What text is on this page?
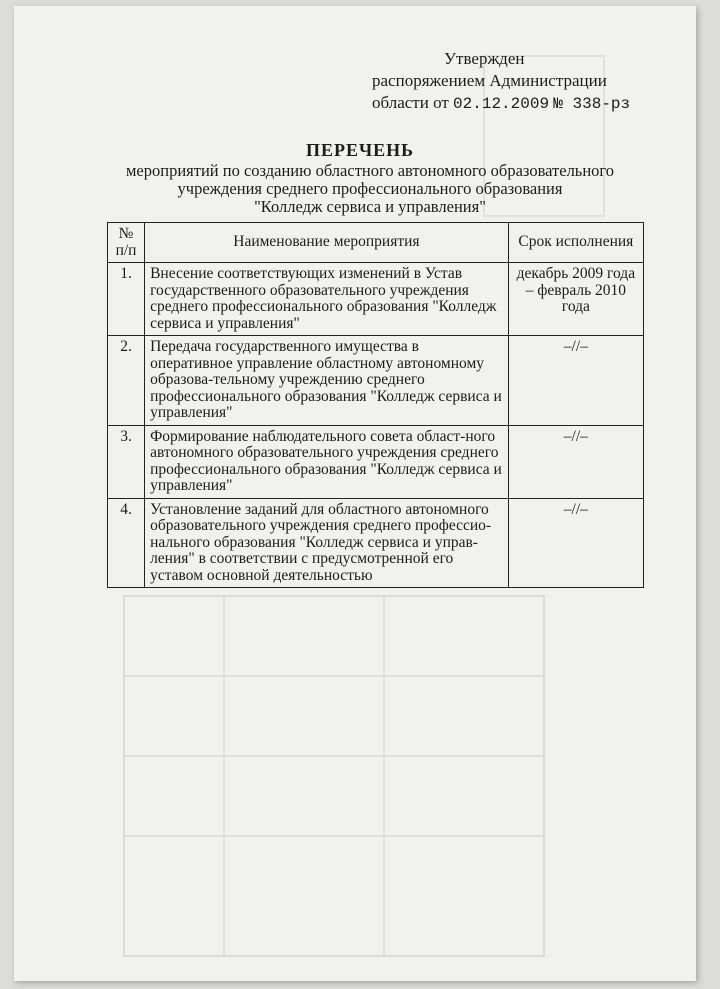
Утвержден
распоряжением Администрации
области от 02.12.2009 № 338-рз
ПЕРЕЧЕНЬ
мероприятий по созданию областного автономного образовательного
учреждения среднего профессионального образования
"Колледж сервиса и управления"
№ п/п	Наименование мероприятия	Срок исполнения
1.	Внесение соответствующих изменений в Устав государственного образовательного учреждения среднего профессионального образования "Колледж сервиса и управления"	декабрь 2009 года – февраль 2010 года
2.	Передача государственного имущества в оперативное управление областному автономному образова-тельному учреждению среднего профессионального образования "Колледж сервиса и управления"	–//–
3.	Формирование наблюдательного совета област-ного автономного образовательного учреждения среднего профессионального образования "Колледж сервиса и управления"	–//–
4.	Установление заданий для областного автономного образовательного учреждения среднего профессио-нального образования "Колледж сервиса и управ-ления" в соответствии с предусмотренной его уставом основной деятельностью	–//–
